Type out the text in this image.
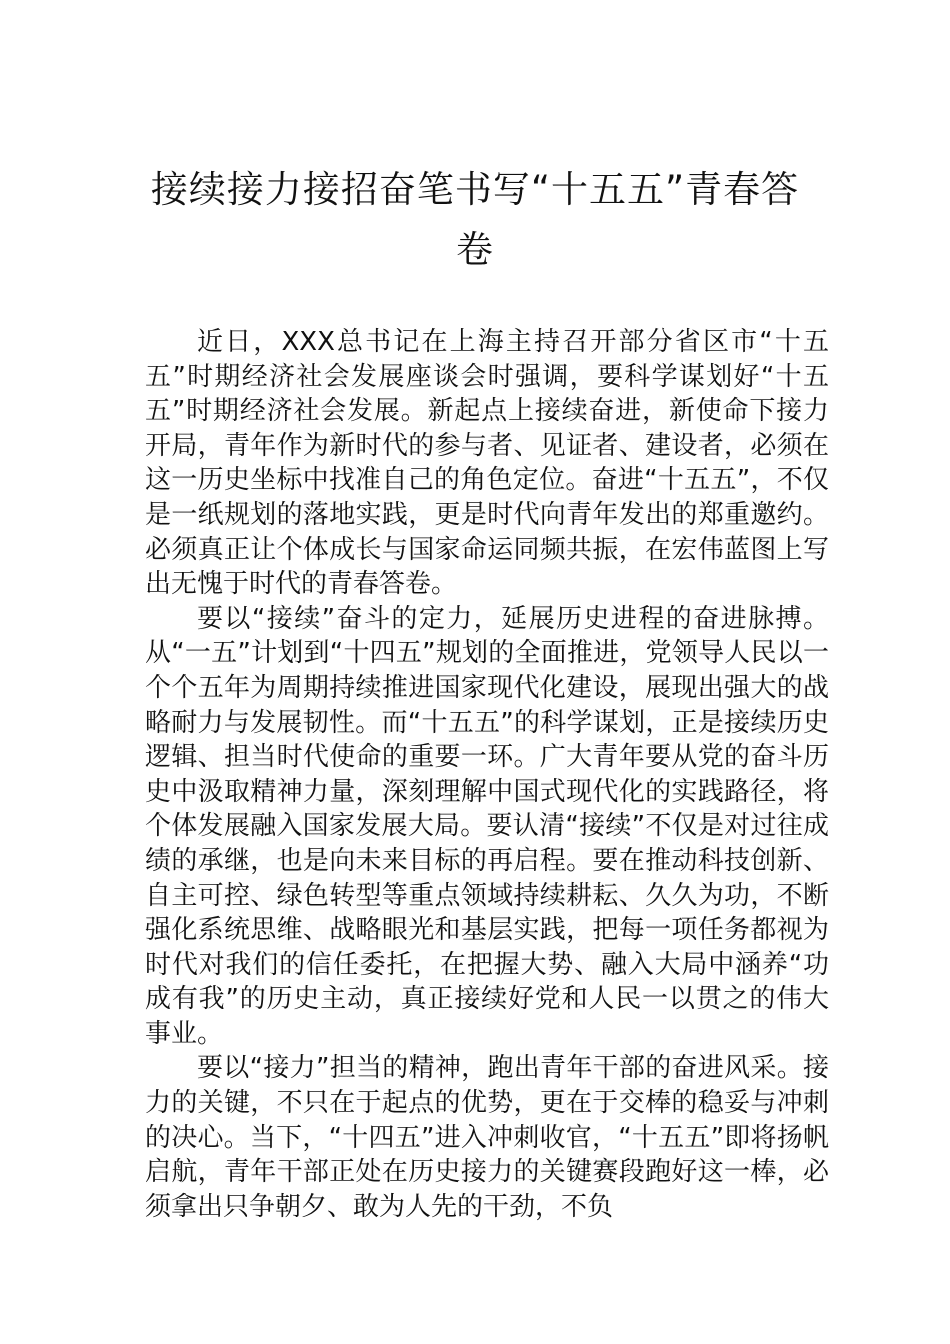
接续接力接招奋笔书写“十五五”青春答卷

近日，XXX总书记在上海主持召开部分省区市“十五五”时期经济社会发展座谈会时强调，要科学谋划好“十五五”时期经济社会发展。新起点上接续奋进，新使命下接力开局，青年作为新时代的参与者、见证者、建设者，必须在这一历史坐标中找准自己的角色定位。奋进“十五五”，不仅是一纸规划的落地实践，更是时代向青年发出的郑重邀约。必须真正让个体成长与国家命运同频共振，在宏伟蓝图上写出无愧于时代的青春答卷。

要以“接续”奋斗的定力，延展历史进程的奋进脉搏。从“一五”计划到“十四五”规划的全面推进，党领导人民以一个个五年为周期持续推进国家现代化建设，展现出强大的战略耐力与发展韧性。而“十五五”的科学谋划，正是接续历史逻辑、担当时代使命的重要一环。广大青年要从党的奋斗历史中汲取精神力量，深刻理解中国式现代化的实践路径，将个体发展融入国家发展大局。要认清“接续”不仅是对过往成绩的承继，也是向未来目标的再启程。要在推动科技创新、自主可控、绿色转型等重点领域持续耕耘、久久为功，不断强化系统思维、战略眼光和基层实践，把每一项任务都视为时代对我们的信任委托，在把握大势、融入大局中涵养“功成有我”的历史主动，真正接续好党和人民一以贯之的伟大事业。

要以“接力”担当的精神，跑出青年干部的奋进风采。接力的关键，不只在于起点的优势，更在于交棒的稳妥与冲刺的决心。当下，“十四五”进入冲刺收官，“十五五”即将扬帆启航，青年干部正处在历史接力的关键赛段跑好这一棒，必须拿出只争朝夕、敢为人先的干劲，不负
